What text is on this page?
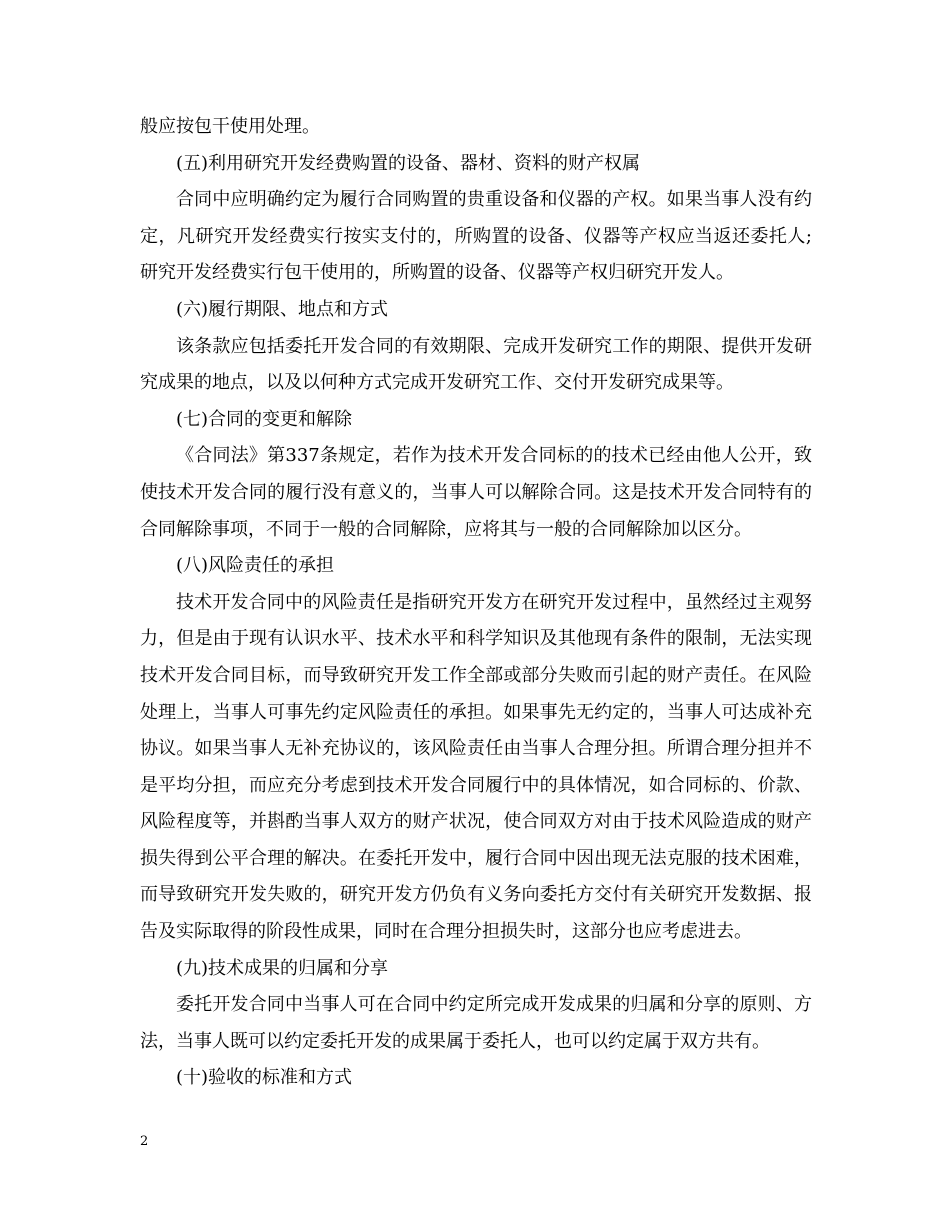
般应按包干使用处理。

(五)利用研究开发经费购置的设备、器材、资料的财产权属

合同中应明确约定为履行合同购置的贵重设备和仪器的产权。如果当事人没有约定，凡研究开发经费实行按实支付的，所购置的设备、仪器等产权应当返还委托人;研究开发经费实行包干使用的，所购置的设备、仪器等产权归研究开发人。

(六)履行期限、地点和方式

该条款应包括委托开发合同的有效期限、完成开发研究工作的期限、提供开发研究成果的地点，以及以何种方式完成开发研究工作、交付开发研究成果等。

(七)合同的变更和解除

《合同法》第337条规定，若作为技术开发合同标的的技术已经由他人公开，致使技术开发合同的履行没有意义的，当事人可以解除合同。这是技术开发合同特有的合同解除事项，不同于一般的合同解除，应将其与一般的合同解除加以区分。

(八)风险责任的承担

技术开发合同中的风险责任是指研究开发方在研究开发过程中，虽然经过主观努力，但是由于现有认识水平、技术水平和科学知识及其他现有条件的限制，无法实现技术开发合同目标，而导致研究开发工作全部或部分失败而引起的财产责任。在风险处理上，当事人可事先约定风险责任的承担。如果事先无约定的，当事人可达成补充协议。如果当事人无补充协议的，该风险责任由当事人合理分担。所谓合理分担并不是平均分担，而应充分考虑到技术开发合同履行中的具体情况，如合同标的、价款、风险程度等，并斟酌当事人双方的财产状况，使合同双方对由于技术风险造成的财产损失得到公平合理的解决。在委托开发中，履行合同中因出现无法克服的技术困难，而导致研究开发失败的，研究开发方仍负有义务向委托方交付有关研究开发数据、报告及实际取得的阶段性成果，同时在合理分担损失时，这部分也应考虑进去。

(九)技术成果的归属和分享

委托开发合同中当事人可在合同中约定所完成开发成果的归属和分享的原则、方法，当事人既可以约定委托开发的成果属于委托人，也可以约定属于双方共有。

(十)验收的标准和方式

2
